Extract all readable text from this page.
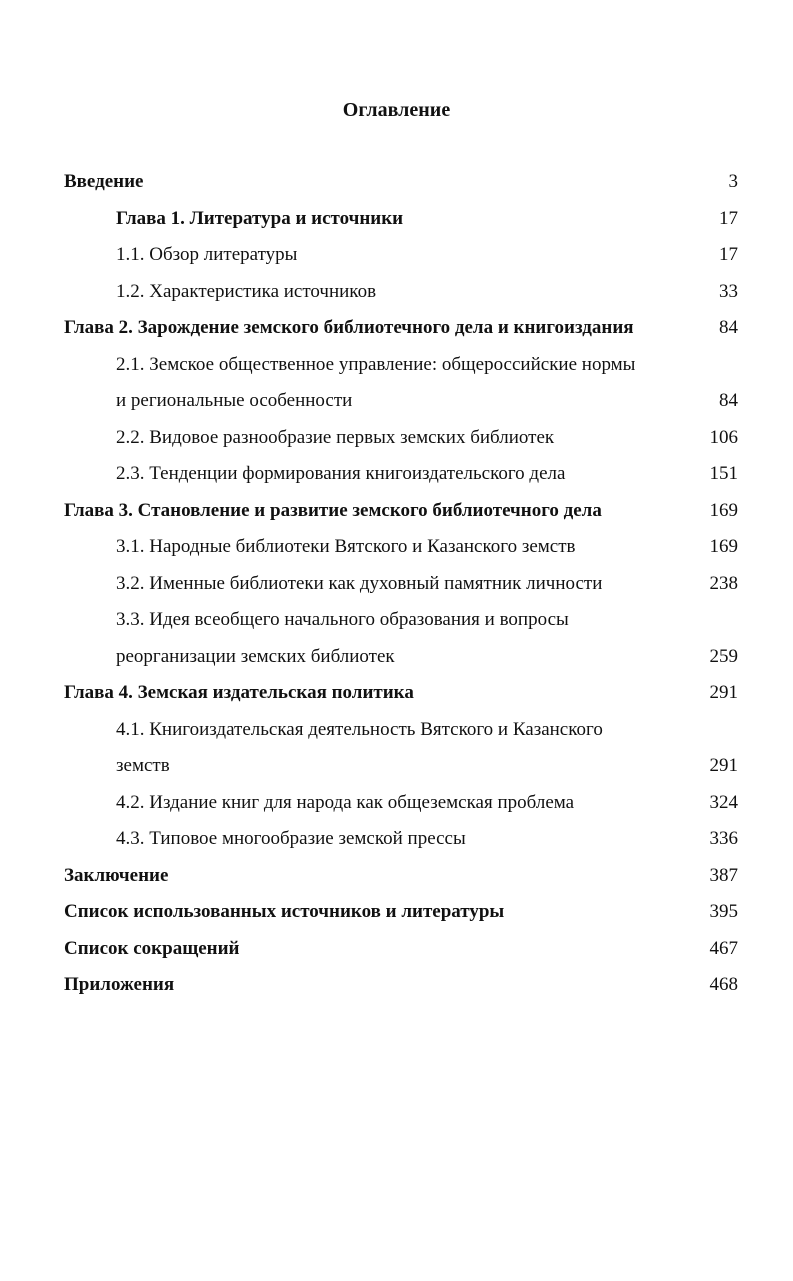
Оглавление
Введение	3
Глава 1. Литература и источники	17
1.1. Обзор литературы	17
1.2. Характеристика источников	33
Глава 2. Зарождение земского библиотечного дела и книгоиздания	84
2.1. Земское общественное управление: общероссийские нормы
и региональные особенности	84
2.2. Видовое разнообразие первых земских библиотек	106
2.3. Тенденции формирования книгоиздательского дела	151
Глава 3. Становление и развитие земского библиотечного дела	169
3.1. Народные библиотеки Вятского и Казанского земств	169
3.2. Именные библиотеки как духовный памятник личности	238
3.3. Идея всеобщего начального образования и вопросы
реорганизации земских библиотек	259
Глава 4. Земская издательская политика	291
4.1. Книгоиздательская деятельность Вятского и Казанского
земств	291
4.2. Издание книг для народа как общеземская проблема	324
4.3. Типовое многообразие земской прессы	336
Заключение	387
Список использованных источников и литературы	395
Список сокращений	467
Приложения	468
